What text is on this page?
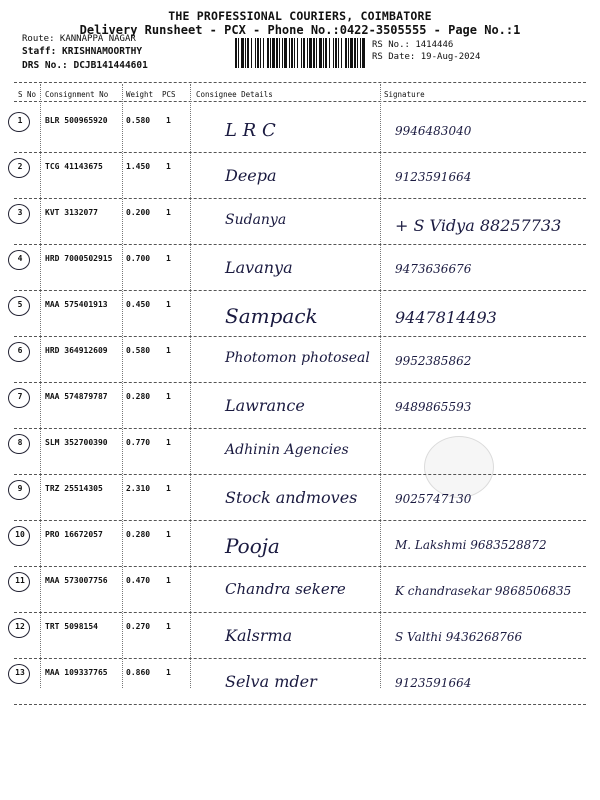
THE PROFESSIONAL COURIERS, COIMBATORE
Delivery Runsheet - PCX - Phone No.:0422-3505555 - Page No.:1
Route: KANNAPPA NAGAR
Staff: KRISHNAMOORTHY
DRS No.: DCJB141444601
RS No.: 1414446
RS Date: 19-Aug-2024
S No Consignment No Weight PCS	Consignee Details	Signature
1	BLR 500965920 0.580 1	L R C	9946483040
2	TCG 41143675	1.450 1	Deepa	9123591664
3	KVT 3132077	0.200 1	Sudanya	+ S Vidya 88257733
4	HRD 7000502915 0.700 1	Lavanya	9473636676
5	MAA 575401913 0.450 1	Sampack	9447814493
6	HRD 364912609 0.580 1	Photomon photoseal 9952385862
7	MAA 574879787 0.280 1	Lawrance	9489865593
8	SLM 352700390 0.770 1	Adhinin Agencies
9	TRZ 25514305	2.310 1	Stock andmoves	9025747130
10	PRO 16672057	0.280 1	Pooja	M. Lakshmi 9683528872
11	MAA 573007756 0.470 1	Chandra sekere	K chandrasekar 9868506835
12	TRT 5098154	0.270 1	Kalsrma	S Valthi 9436268766
13	MAA 109337765 0.860 1	Selva mder	9123591664
